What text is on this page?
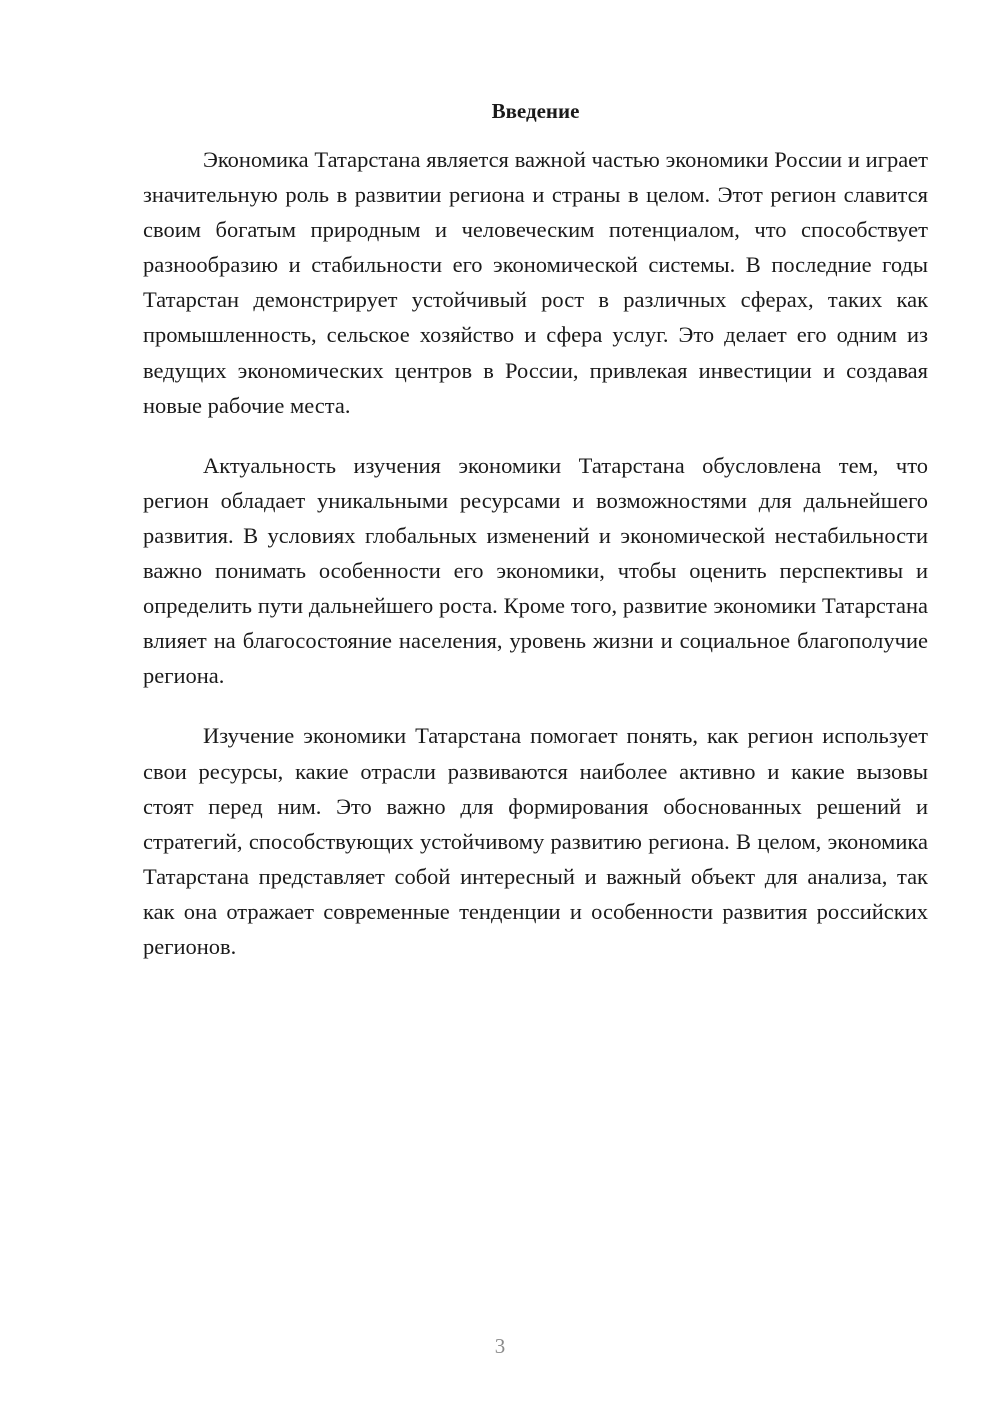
Введение

Экономика Татарстана является важной частью экономики России и играет значительную роль в развитии региона и страны в целом. Этот регион славится своим богатым природным и человеческим потенциалом, что способствует разнообразию и стабильности его экономической системы. В последние годы Татарстан демонстрирует устойчивый рост в различных сферах, таких как промышленность, сельское хозяйство и сфера услуг. Это делает его одним из ведущих экономических центров в России, привлекая инвестиции и создавая новые рабочие места.

Актуальность изучения экономики Татарстана обусловлена тем, что регион обладает уникальными ресурсами и возможностями для дальнейшего развития. В условиях глобальных изменений и экономической нестабильности важно понимать особенности его экономики, чтобы оценить перспективы и определить пути дальнейшего роста. Кроме того, развитие экономики Татарстана влияет на благосостояние населения, уровень жизни и социальное благополучие региона.

Изучение экономики Татарстана помогает понять, как регион использует свои ресурсы, какие отрасли развиваются наиболее активно и какие вызовы стоят перед ним. Это важно для формирования обоснованных решений и стратегий, способствующих устойчивому развитию региона. В целом, экономика Татарстана представляет собой интересный и важный объект для анализа, так как она отражает современные тенденции и особенности развития российских регионов.

3
